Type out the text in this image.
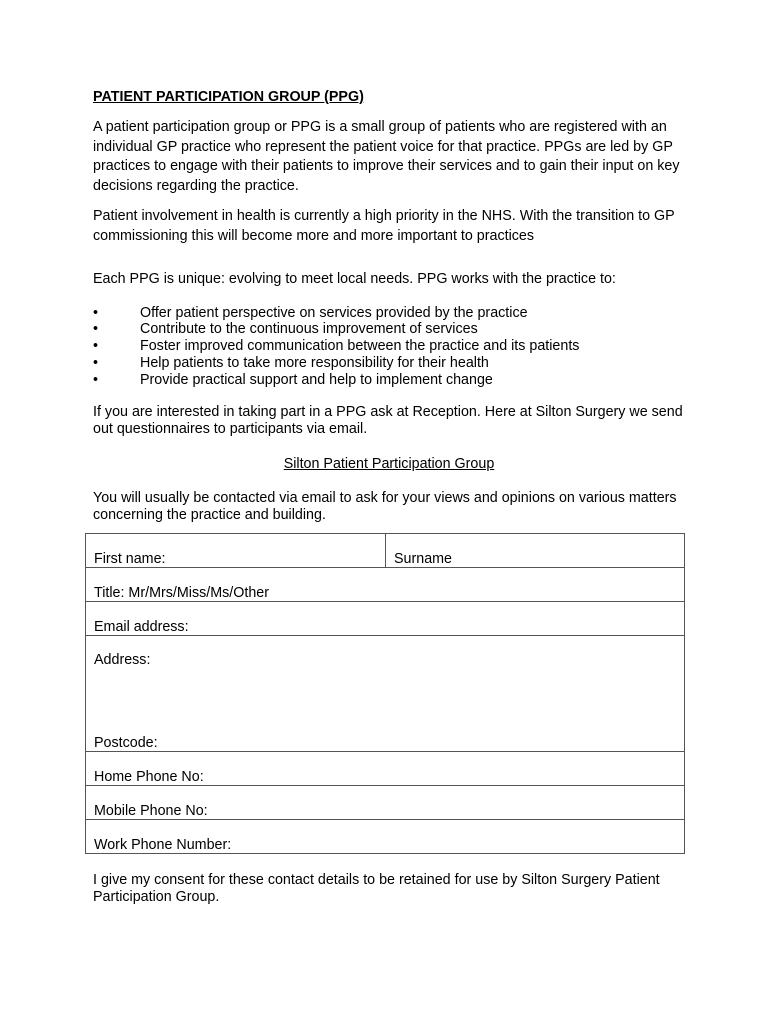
PATIENT PARTICIPATION GROUP (PPG)

A patient participation group or PPG is a small group of patients who are registered with an individual GP practice who represent the patient voice for that practice. PPGs are led by GP practices to engage with their patients to improve their services and to gain their input on key decisions regarding the practice.

Patient involvement in health is currently a high priority in the NHS. With the transition to GP commissioning this will become more and more important to practices

Each PPG is unique: evolving to meet local needs. PPG works with the practice to:

•	Offer patient perspective on services provided by the practice
•	Contribute to the continuous improvement of services
•	Foster improved communication between the practice and its patients
•	Help patients to take more responsibility for their health
•	Provide practical support and help to implement change

If you are interested in taking part in a PPG ask at Reception. Here at Silton Surgery we send out questionnaires to participants via email.

Silton Patient Participation Group

You will usually be contacted via email to ask for your views and opinions on various matters concerning the practice and building.

First name:	Surname

Title: Mr/Mrs/Miss/Ms/Other

Email address:

Address:

Postcode:

Home Phone No:

Mobile Phone No:

Work Phone Number:

I give my consent for these contact details to be retained for use by Silton Surgery Patient Participation Group.
